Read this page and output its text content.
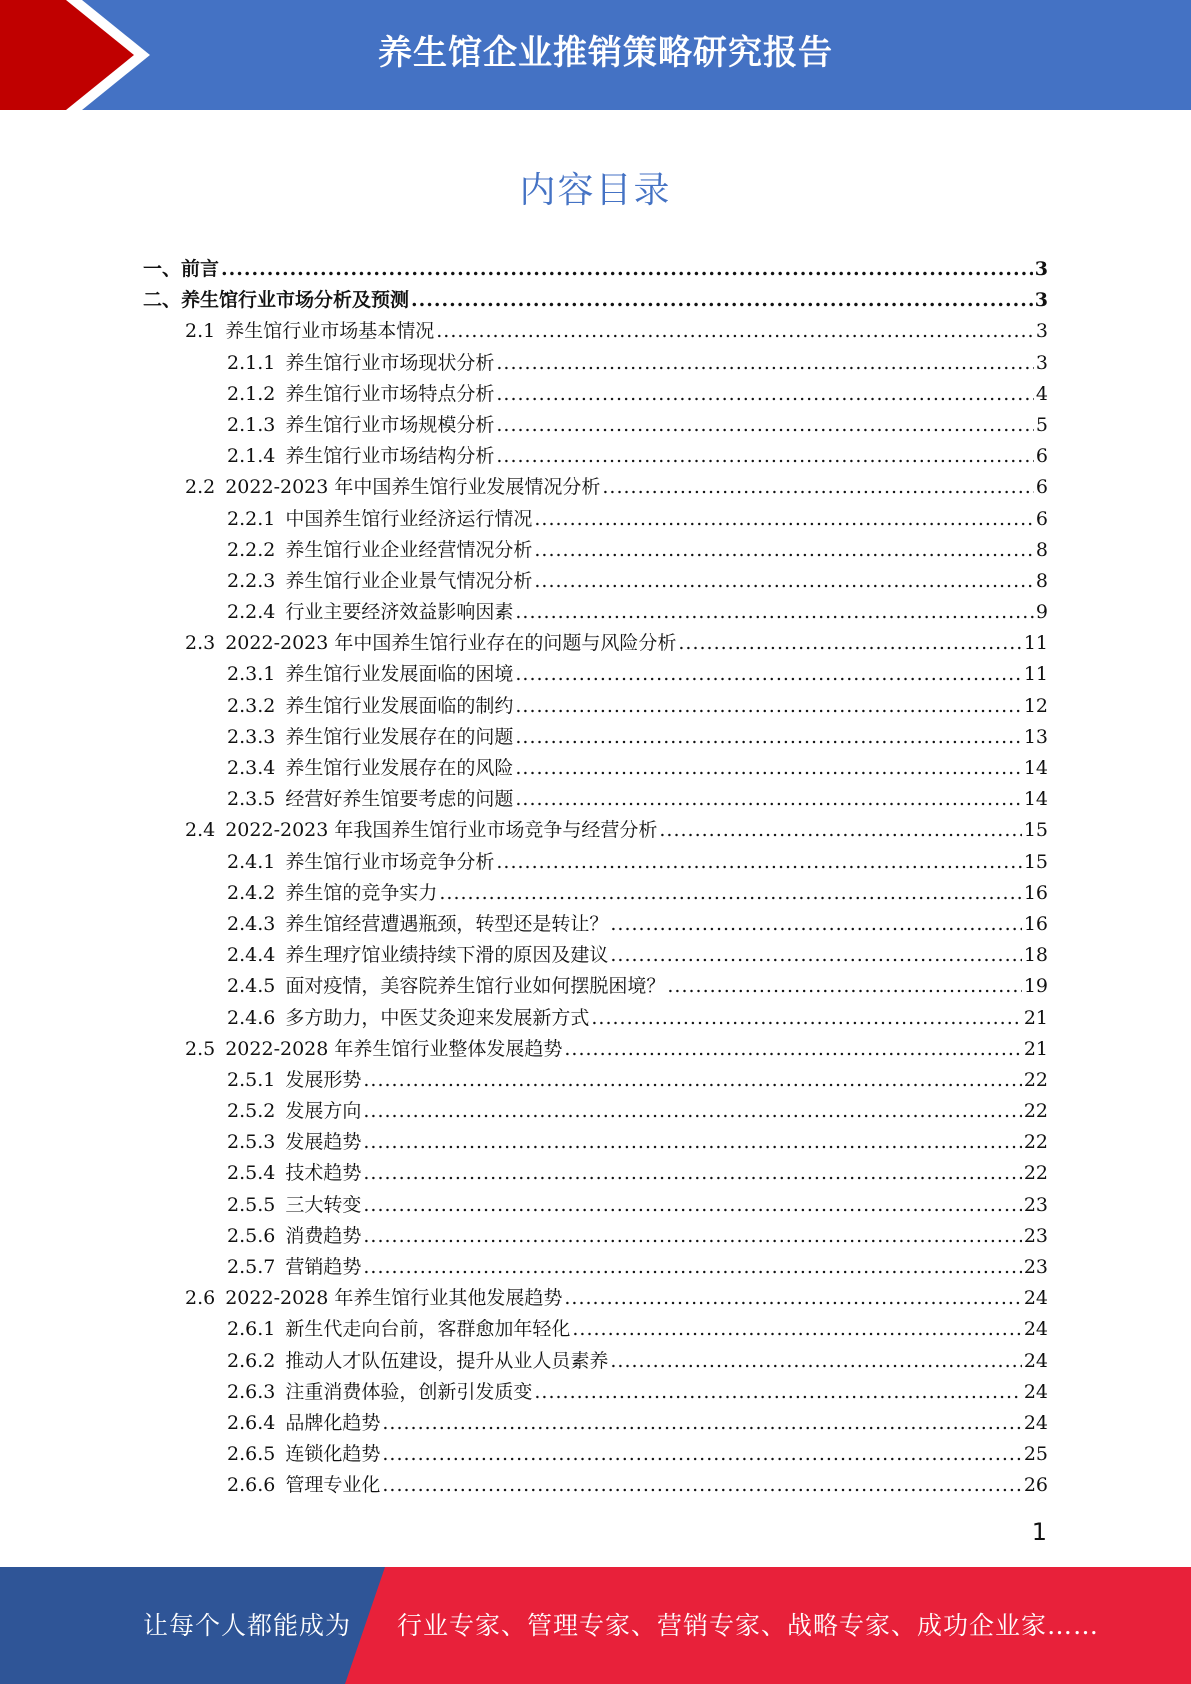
养生馆企业推销策略研究报告
内容目录
一、 前言 .....	3
二、 养生馆行业市场分析及预测 .....	3
2.1 养生馆行业市场基本情况 .....	3
2.1.1 养生馆行业市场现状分析 .....	3
2.1.2 养生馆行业市场特点分析 .....	4
2.1.3 养生馆行业市场规模分析 .....	5
2.1.4 养生馆行业市场结构分析 .....	6
2.2 2022-2023 年中国养生馆行业发展情况分析 .....	6
2.2.1 中国养生馆行业经济运行情况 .....	6
2.2.2 养生馆行业企业经营情况分析 .....	8
2.2.3 养生馆行业企业景气情况分析 .....	8
2.2.4 行业主要经济效益影响因素 .....	9
2.3 2022-2023 年中国养生馆行业存在的问题与风险分析 .....	11
2.3.1 养生馆行业发展面临的困境 .....	11
2.3.2 养生馆行业发展面临的制约 .....	12
2.3.3 养生馆行业发展存在的问题 .....	13
2.3.4 养生馆行业发展存在的风险 .....	14
2.3.5 经营好养生馆要考虑的问题 .....	14
2.4 2022-2023 年我国养生馆行业市场竞争与经营分析 .....	15
2.4.1 养生馆行业市场竞争分析 .....	15
2.4.2 养生馆的竞争实力 .....	16
2.4.3 养生馆经营遭遇瓶颈，转型还是转让？ .....	16
2.4.4 养生理疗馆业绩持续下滑的原因及建议 .....	18
2.4.5 面对疫情，美容院养生馆行业如何摆脱困境？ .....	19
2.4.6 多方助力，中医艾灸迎来发展新方式 .....	21
2.5 2022-2028 年养生馆行业整体发展趋势 .....	21
2.5.1 发展形势 .....	22
2.5.2 发展方向 .....	22
2.5.3 发展趋势 .....	22
2.5.4 技术趋势 .....	22
2.5.5 三大转变 .....	23
2.5.6 消费趋势 .....	23
2.5.7 营销趋势 .....	23
2.6 2022-2028 年养生馆行业其他发展趋势 .....	24
2.6.1 新生代走向台前，客群愈加年轻化 .....	24
2.6.2 推动人才队伍建设，提升从业人员素养 .....	24
2.6.3 注重消费体验，创新引发质变 .....	24
2.6.4 品牌化趋势 .....	24
2.6.5 连锁化趋势 .....	25
2.6.6 管理专业化 .....	26
1
让每个人都能成为 行业专家、管理专家、营销专家、战略专家、成功企业家……
